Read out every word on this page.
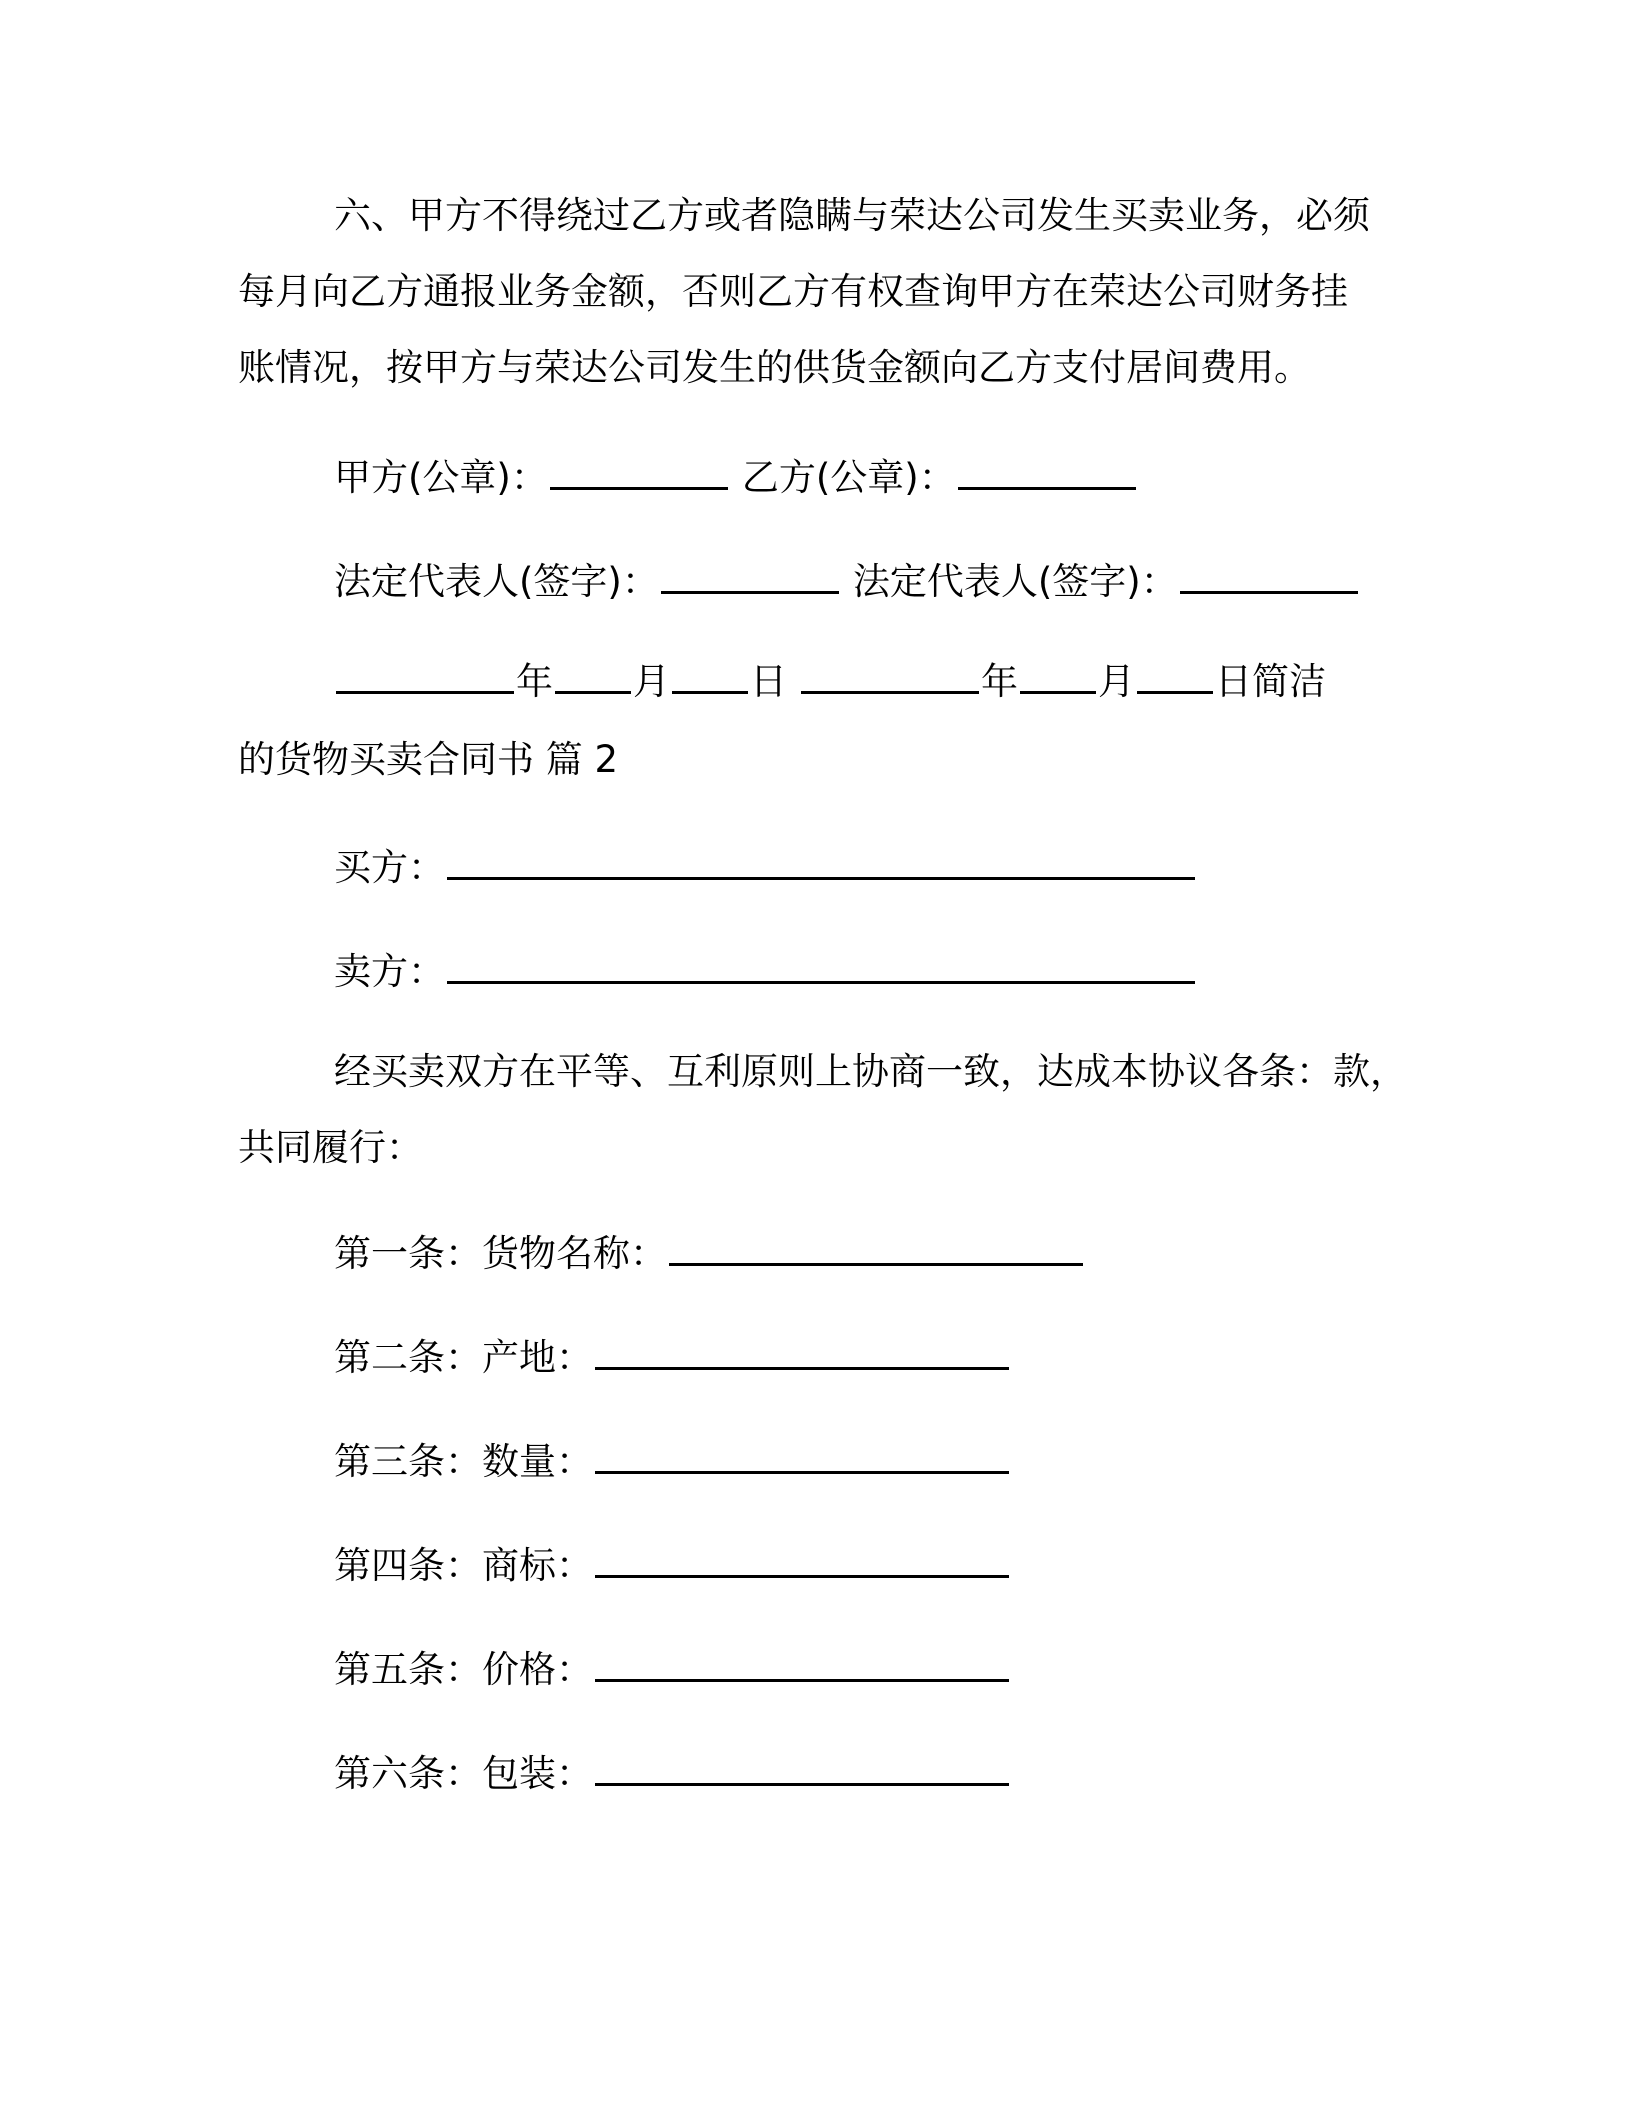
六、甲方不得绕过乙方或者隐瞒与荣达公司发生买卖业务，必须
每月向乙方通报业务金额，否则乙方有权查询甲方在荣达公司财务挂
账情况，按甲方与荣达公司发生的供货金额向乙方支付居间费用。
甲方(公章)：	乙方(公章)：
法定代表人(签字)：	法定代表人(签字)：
年 月 日	年 月 日简洁
的货物买卖合同书 篇 2
买方：
卖方：
经买卖双方在平等、互利原则上协商一致，达成本协议各条：款，
共同履行：
第一条：货物名称：
第二条：产地：
第三条：数量：
第四条：商标：
第五条：价格：
第六条：包装：
